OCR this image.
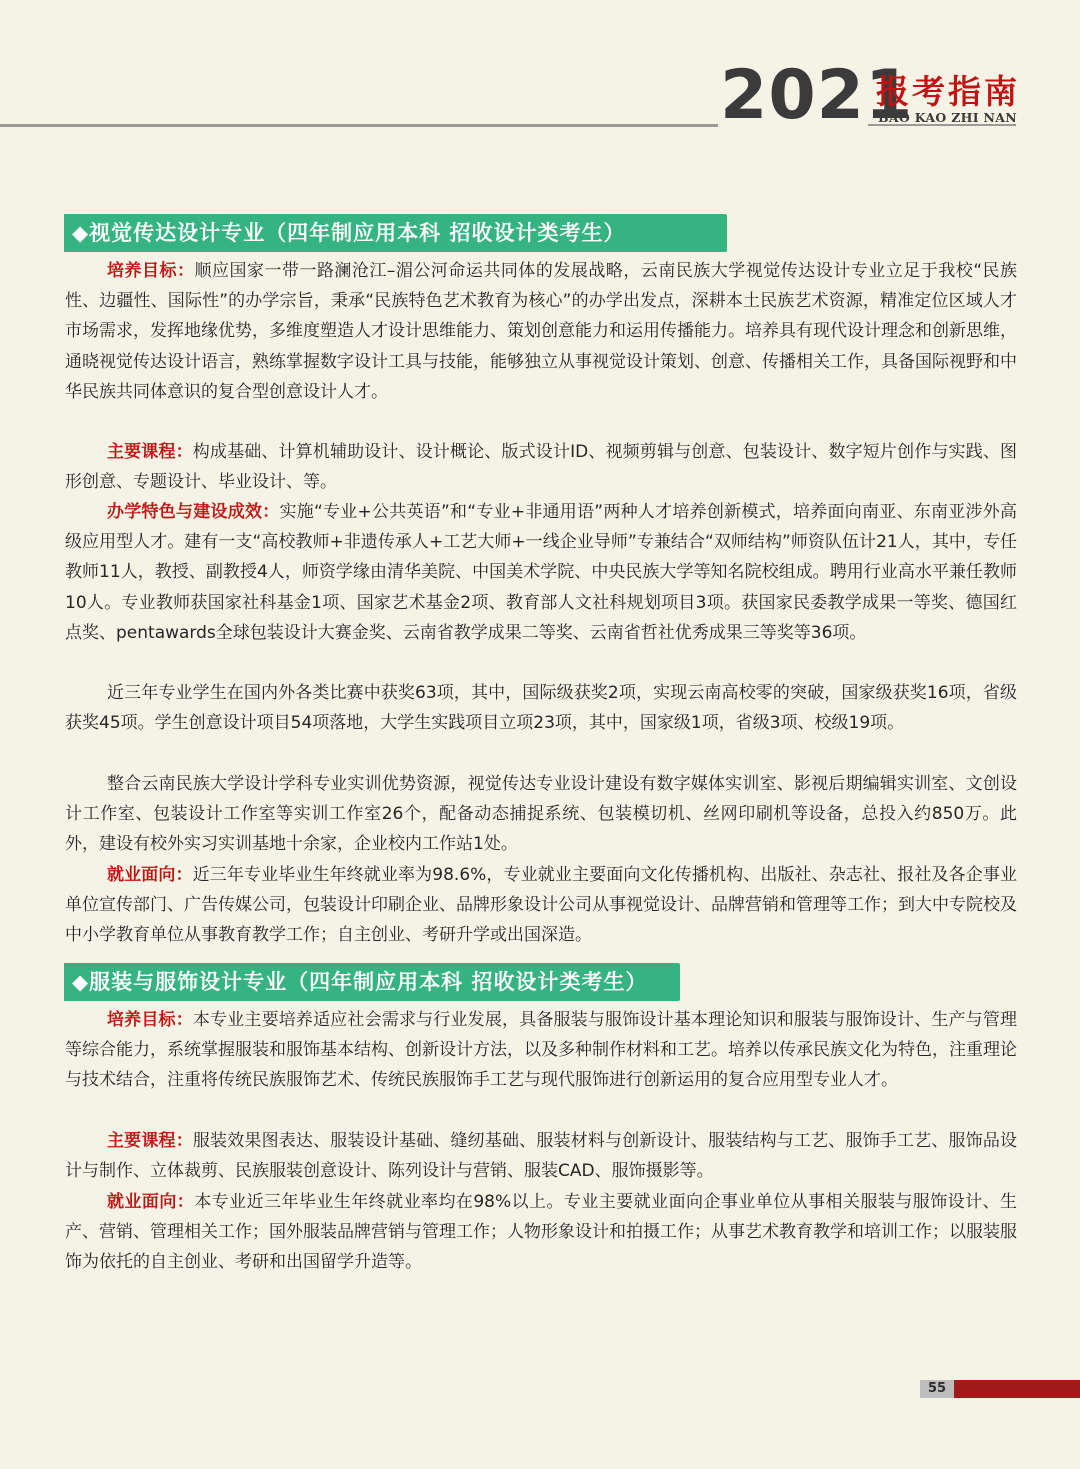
2021
报考指南
BAO KAO ZHI NAN
◆视觉传达设计专业（四年制应用本科 招收设计类考生）

培养目标：顺应国家一带一路澜沧江–湄公河命运共同体的发展战略，云南民族大学视觉传达设计专业立足于我校“民族性、边疆性、国际性”的办学宗旨，秉承“民族特色艺术教育为核心”的办学出发点，深耕本土民族艺术资源，精准定位区域人才市场需求，发挥地缘优势，多维度塑造人才设计思维能力、策划创意能力和运用传播能力。培养具有现代设计理念和创新思维，通晓视觉传达设计语言，熟练掌握数字设计工具与技能，能够独立从事视觉设计策划、创意、传播相关工作，具备国际视野和中华民族共同体意识的复合型创意设计人才。

主要课程：构成基础、计算机辅助设计、设计概论、版式设计ID、视频剪辑与创意、包装设计、数字短片创作与实践、图形创意、专题设计、毕业设计、等。

办学特色与建设成效：实施“专业+公共英语”和“专业+非通用语”两种人才培养创新模式，培养面向南亚、东南亚涉外高级应用型人才。建有一支“高校教师+非遗传承人+工艺大师+一线企业导师”专兼结合“双师结构”师资队伍计21人，其中，专任教师11人，教授、副教授4人，师资学缘由清华美院、中国美术学院、中央民族大学等知名院校组成。聘用行业高水平兼任教师10人。专业教师获国家社科基金1项、国家艺术基金2项、教育部人文社科规划项目3项。获国家民委教学成果一等奖、德国红点奖、pentawards全球包装设计大赛金奖、云南省教学成果二等奖、云南省哲社优秀成果三等奖等36项。

近三年专业学生在国内外各类比赛中获奖63项，其中，国际级获奖2项，实现云南高校零的突破，国家级获奖16项，省级获奖45项。学生创意设计项目54项落地，大学生实践项目立项23项，其中，国家级1项，省级3项、校级19项。

整合云南民族大学设计学科专业实训优势资源，视觉传达专业设计建设有数字媒体实训室、影视后期编辑实训室、文创设计工作室、包装设计工作室等实训工作室26个，配备动态捕捉系统、包装模切机、丝网印刷机等设备，总投入约850万。此外，建设有校外实习实训基地十余家，企业校内工作站1处。

就业面向：近三年专业毕业生年终就业率为98.6%，专业就业主要面向文化传播机构、出版社、杂志社、报社及各企事业单位宣传部门、广告传媒公司，包装设计印刷企业、品牌形象设计公司从事视觉设计、品牌营销和管理等工作；到大中专院校及中小学教育单位从事教育教学工作；自主创业、考研升学或出国深造。

◆服装与服饰设计专业（四年制应用本科 招收设计类考生）

培养目标：本专业主要培养适应社会需求与行业发展，具备服装与服饰设计基本理论知识和服装与服饰设计、生产与管理等综合能力，系统掌握服装和服饰基本结构、创新设计方法，以及多种制作材料和工艺。培养以传承民族文化为特色，注重理论与技术结合，注重将传统民族服饰艺术、传统民族服饰手工艺与现代服饰进行创新运用的复合应用型专业人才。

主要课程：服装效果图表达、服装设计基础、缝纫基础、服装材料与创新设计、服装结构与工艺、服饰手工艺、服饰品设计与制作、立体裁剪、民族服装创意设计、陈列设计与营销、服装CAD、服饰摄影等。

就业面向：本专业近三年毕业生年终就业率均在98%以上。专业主要就业面向企事业单位从事相关服装与服饰设计、生产、营销、管理相关工作；国外服装品牌营销与管理工作；人物形象设计和拍摄工作；从事艺术教育教学和培训工作；以服装服饰为依托的自主创业、考研和出国留学升造等。

55
